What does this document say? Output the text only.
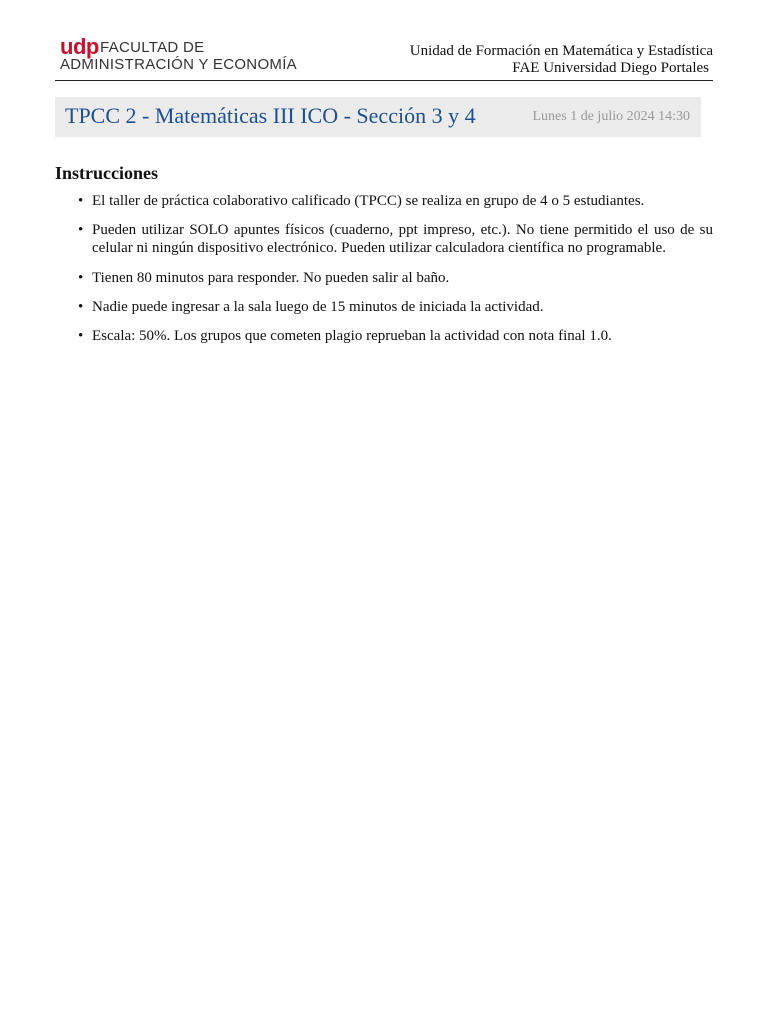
udp FACULTAD DE
ADMINISTRACIÓN Y ECONOMÍA
Unidad de Formación en Matemática y Estadística
FAE Universidad Diego Portales
TPCC 2 - Matemáticas III ICO - Sección 3 y 4	Lunes 1 de julio 2024 14:30
Instrucciones
• El taller de práctica colaborativo calificado (TPCC) se realiza en grupo de 4 o 5 estudiantes.
• Pueden utilizar SOLO apuntes físicos (cuaderno, ppt impreso, etc.). No tiene permitido el uso de su celular ni ningún dispositivo electrónico. Pueden utilizar calculadora científica no programable.
• Tienen 80 minutos para responder. No pueden salir al baño.
• Nadie puede ingresar a la sala luego de 15 minutos de iniciada la actividad.
• Escala: 50%. Los grupos que cometen plagio reprueban la actividad con nota final 1.0.
